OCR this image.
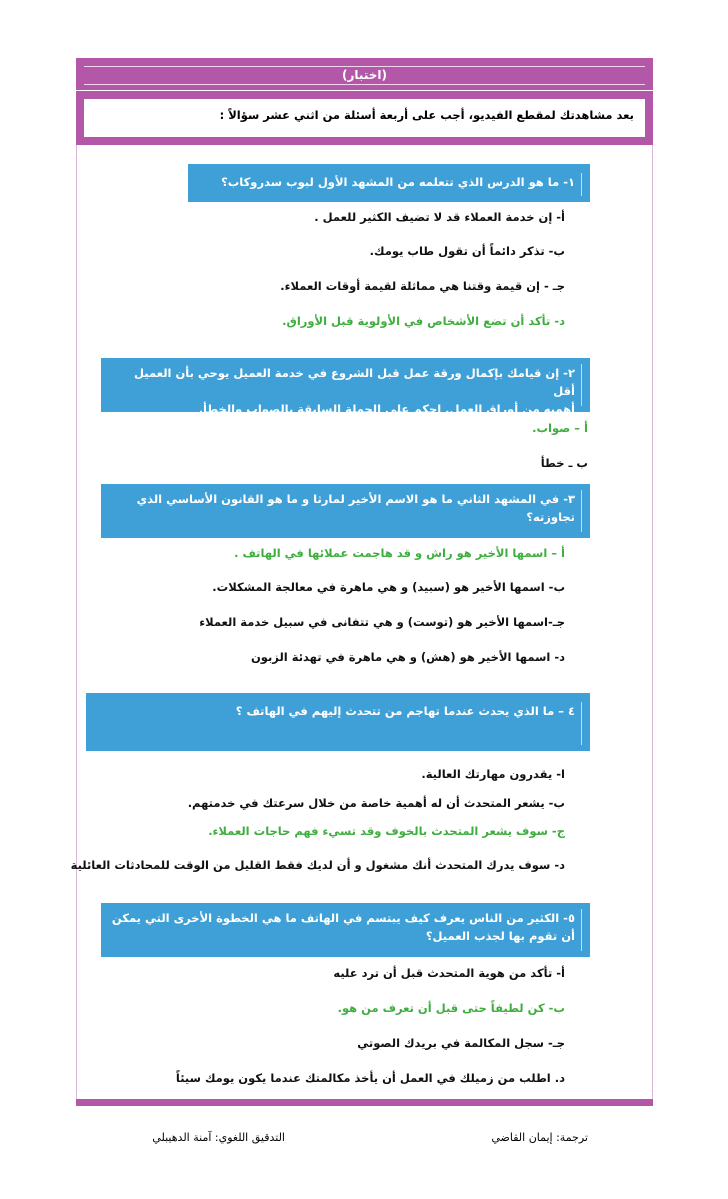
(اختبار)
بعد مشاهدتك لمقطع الفيديو، أجب على أربعة أسئلة من اثني عشر سؤالاً :
١- ما هو الدرس الذي تتعلمه من المشهد الأول لبوب سدروكاب؟
أ- إن خدمة العملاء قد لا تضيف الكثير للعمل .
ب- تذكر دائماً أن تقول طاب يومك.
جـ - إن قيمة وقتنا هي مماثلة لقيمة أوقات العملاء.
د- تأكد أن تضع الأشخاص في الأولوية قبل الأوراق.
٢- إن قيامك بإكمال ورقة عمل قبل الشروع في خدمة العميل يوحي بأن العميل أقل
أهميه من أوراق العمل. احكم على الجملة السابقة بالصواب والخطأ.
أ – صواب.
ب ـ خطأ
٣- في المشهد الثاني ما هو الاسم الأخير لمارثا و ما هو القانون الأساسي الذي
تجاوزته؟
أ – اسمها الأخير هو راش و قد هاجمت عملائها في الهاتف .
ب- اسمها الأخير هو (سبيد) و هي ماهرة في معالجة المشكلات.
جـ-اسمها الأخير هو (توست) و هي تتفانى في سبيل خدمة العملاء
د- اسمها الأخير هو (هش) و هي ماهرة في تهدئة الزبون
٤ – ما الذي يحدث عندما تهاجم من تتحدث إليهم في الهاتف ؟
ا- يقدرون مهارتك العالية.
ب- يشعر المتحدث أن له أهمية خاصة من خلال سرعتك في خدمتهم.
ج- سوف يشعر المتحدث بالخوف وقد تسيء فهم حاجات العملاء.
د- سوف يدرك المتحدث أنك مشغول و أن لديك فقط القليل من الوقت للمحادثات العائلية
٥- الكثير من الناس يعرف كيف يبتسم في الهاتف ما هي الخطوة الأخرى التي يمكن
أن تقوم بها لجذب العميل؟
أ- تأكد من هوية المتحدث قبل أن ترد عليه
ب- كن لطيفاً حتى قبل أن تعرف من هو.
جـ- سجل المكالمة في بريدك الصوتي
د. اطلب من زميلك في العمل أن يأخذ مكالمتك عندما يكون يومك سيئاً
ترجمة: إيمان القاضي
التدقيق اللغوي: آمنة الدهيبلي
